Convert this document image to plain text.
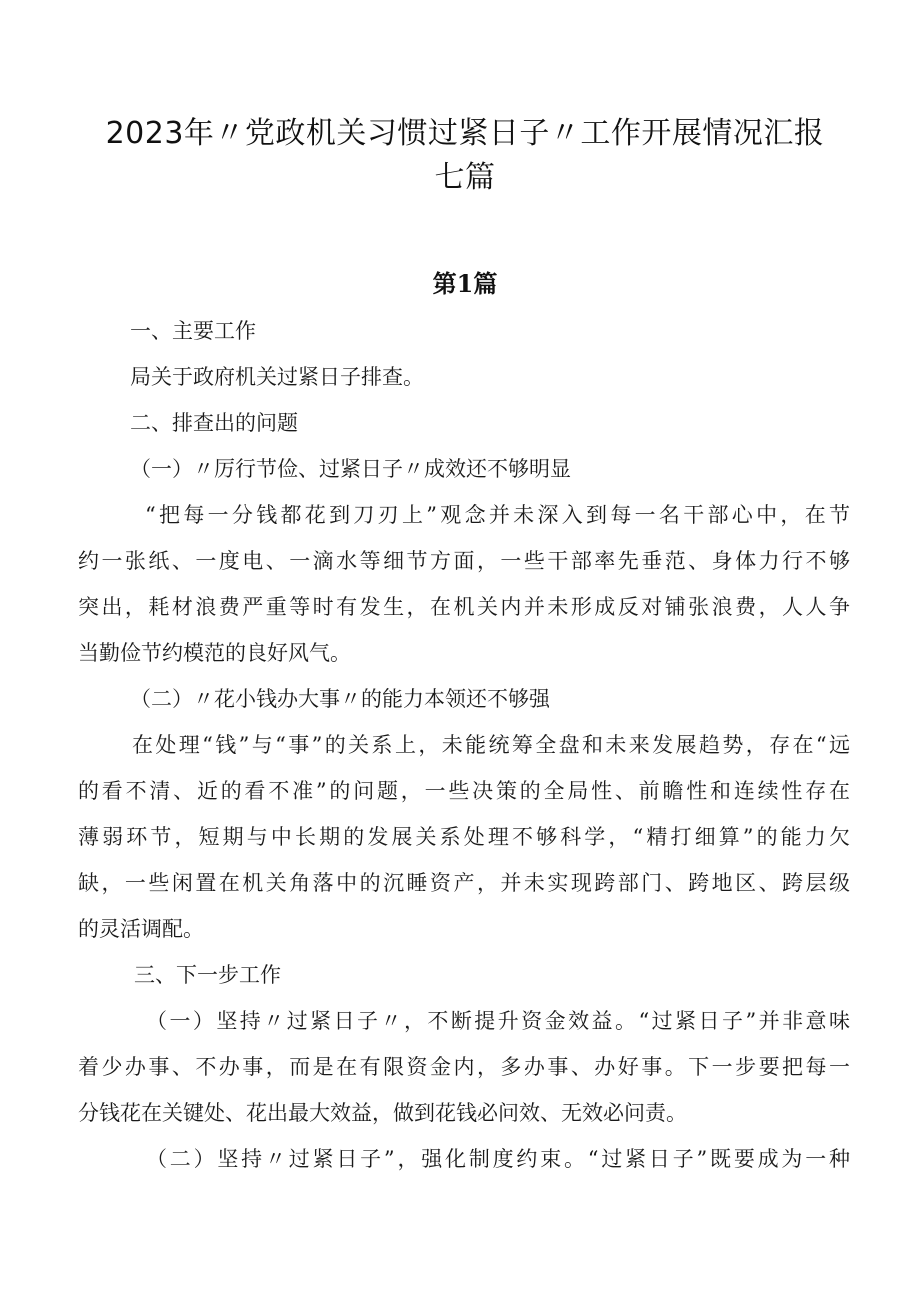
2023年〃党政机关习惯过紧日子〃工作开展情况汇报
七篇
第1篇
一、主要工作
局关于政府机关过紧日子排查。
二、排查出的问题
（一）〃厉行节俭、过紧日子〃成效还不够明显
“把每一分钱都花到刀刃上”观念并未深入到每一名干部心中，在节
约一张纸、一度电、一滴水等细节方面，一些干部率先垂范、身体力行不够
突出，耗材浪费严重等时有发生，在机关内并未形成反对铺张浪费，人人争
当勤俭节约模范的良好风气。
（二）〃花小钱办大事〃的能力本领还不够强
在处理“钱”与“事”的关系上，未能统筹全盘和未来发展趋势，存在“远
的看不清、近的看不准”的问题，一些决策的全局性、前瞻性和连续性存在
薄弱环节，短期与中长期的发展关系处理不够科学，“精打细算”的能力欠
缺，一些闲置在机关角落中的沉睡资产，并未实现跨部门、跨地区、跨层级
的灵活调配。
三、下一步工作
（一）坚持〃过紧日子〃，不断提升资金效益。“过紧日子”并非意味
着少办事、不办事，而是在有限资金内，多办事、办好事。下一步要把每一
分钱花在关键处、花出最大效益，做到花钱必问效、无效必问责。
（二）坚持〃过紧日子”，强化制度约束。“过紧日子”既要成为一种
